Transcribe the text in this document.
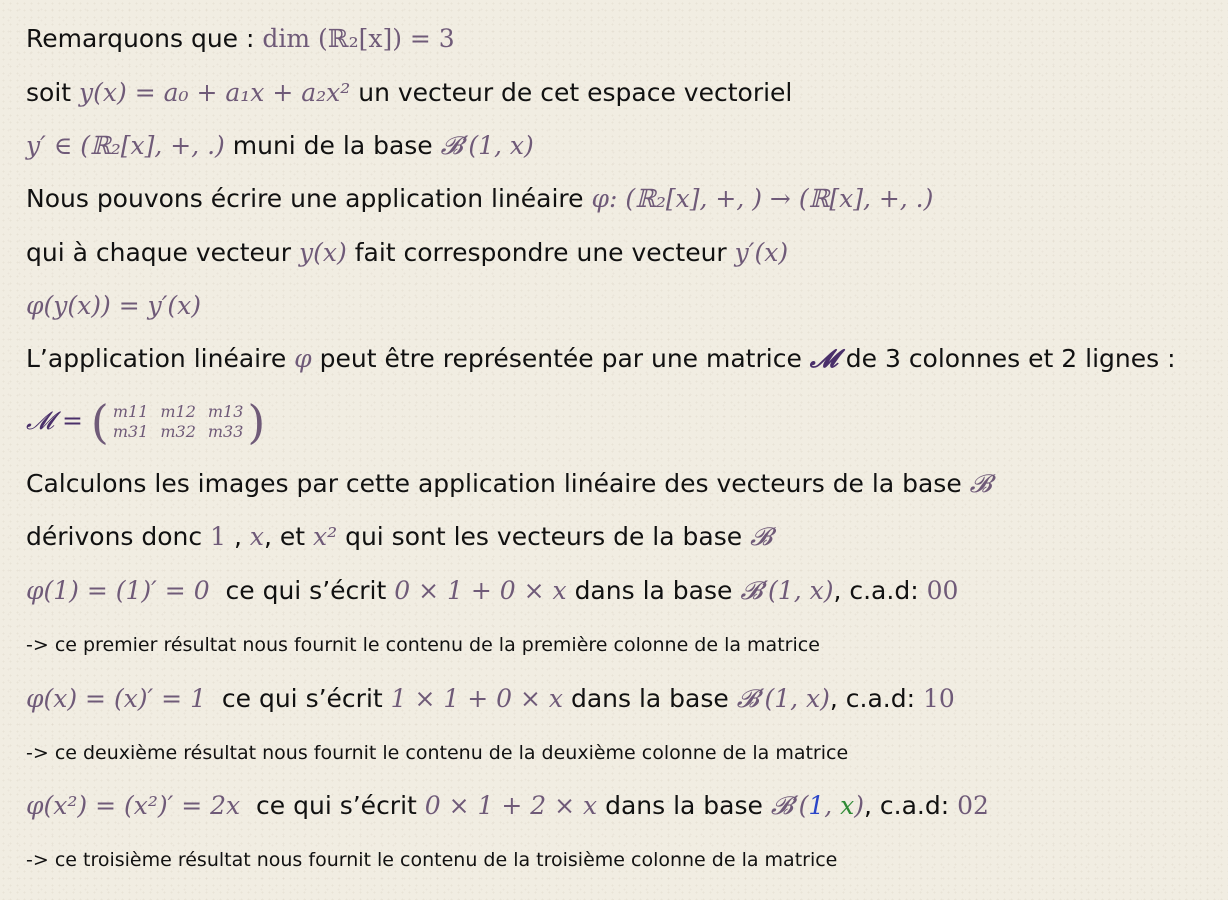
Remarquons que : dim (ℝ₂[x]) = 3
soit y(x) = a₀ + a₁x + a₂x² un vecteur de cet espace vectoriel
y′ ∈ (ℝ₂[x], +, .) muni de la base 𝓑′(1, x)
Nous pouvons écrire une application linéaire φ: (ℝ₂[x], +, ) → (ℝ[x], +, .)
qui à chaque vecteur y(x) fait correspondre une vecteur y′(x)
φ(y(x)) = y′(x)
L’application linéaire φ peut être représentée par une matrice 𝓜 de 3 colonnes et 2 lignes :
𝓜 = ( m11 m12 m13
m31 m32 m33 )
Calculons les images par cette application linéaire des vecteurs de la base 𝓑
dérivons donc 1 , x, et x² qui sont les vecteurs de la base 𝓑
φ(1) = (1)′ = 0 ce qui s’écrit 0 × 1 + 0 × x dans la base 𝓑′(1, x), c.a.d: 00
-> ce premier résultat nous fournit le contenu de la première colonne de la matrice
φ(x) = (x)′ = 1 ce qui s’écrit 1 × 1 + 0 × x dans la base 𝓑′(1, x), c.a.d: 10
-> ce deuxième résultat nous fournit le contenu de la deuxième colonne de la matrice
φ(x²) = (x²)′ = 2x ce qui s’écrit 0 × 1 + 2 × x dans la base 𝓑′(1, x), c.a.d: 02
-> ce troisième résultat nous fournit le contenu de la troisième colonne de la matrice
